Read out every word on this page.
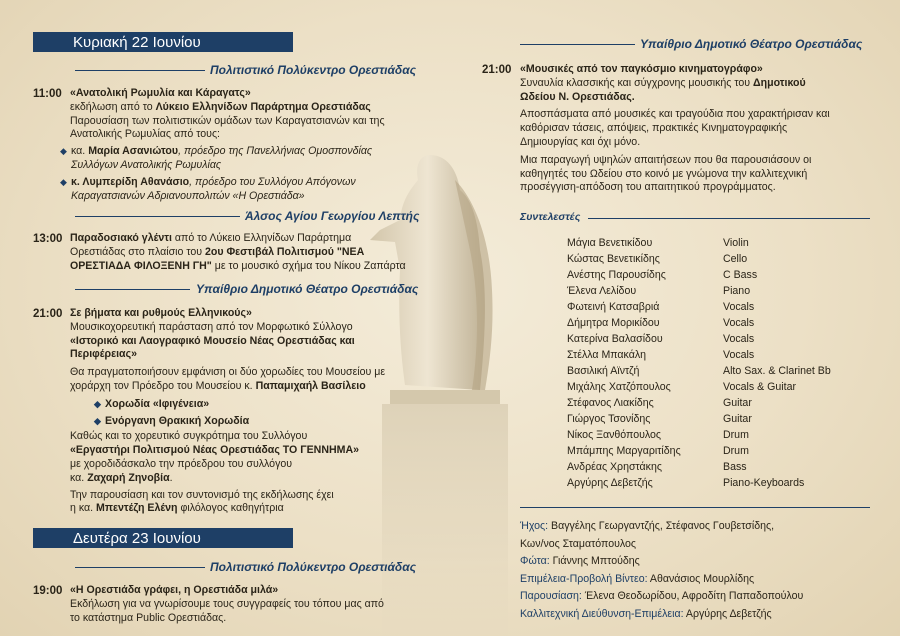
Κυριακή 22 Ιουνίου
Πολιτιστικό Πολύκεντρο Ορεστιάδας
11:00 «Ανατολική Ρωμυλία και Κάραγατς»
εκδήλωση από το Λύκειο Ελληνίδων Παράρτημα Ορεστιάδας
Παρουσίαση των πολιτιστικών ομάδων των Καραγατσιανών και της
Ανατολικής Ρωμυλίας από τους:
◆ κα. Μαρία Ασανιώτου, πρόεδρο της Πανελλήνιας Ομοσπονδίας
Συλλόγων Ανατολικής Ρωμυλίας
◆ κ. Λυμπερίδη Αθανάσιο, πρόεδρο του Συλλόγου Απόγονων
Καραγατσιανών Αδριανουπολιτών «Η Ορεστιάδα»
Άλσος Αγίου Γεωργίου Λεπτής
13:00 Παραδοσιακό γλέντι από το Λύκειο Ελληνίδων Παράρτημα
Ορεστιάδας στο πλαίσιο του 2ου Φεστιβάλ Πολιτισμού "ΝΕΑ
ΟΡΕΣΤΙΑΔΑ ΦΙΛΟΞΕΝΗ ΓΗ" με το μουσικό σχήμα του Νίκου Ζαπάρτα
Υπαίθριο Δημοτικό Θέατρο Ορεστιάδας
21:00 Σε βήματα και ρυθμούς Ελληνικούς»
Μουσικοχορευτική παράσταση από τον Μορφωτικό Σύλλογο
«Ιστορικό και Λαογραφικό Μουσείο Νέας Ορεστιάδας και
Περιφέρειας»
Θα πραγματοποιήσουν εμφάνιση οι δύο χορωδίες του Μουσείου με
χοράρχη τον Πρόεδρο του Μουσείου κ. Παπαμιχαήλ Βασίλειο
◆ Χορωδία «Ιφιγένεια»
◆ Ενόργανη Θρακική Χορωδία
Καθώς και το χορευτικό συγκρότημα του Συλλόγου
«Εργαστήρι Πολιτισμού Νέας Ορεστιάδας ΤΟ ΓΕΝΝΗΜΑ»
με χοροδιδάσκαλο την πρόεδρου του συλλόγου
κα. Ζαχαρή Ζηνοβία.
Την παρουσίαση και τον συντονισμό της εκδήλωσης έχει
η κα. Μπεντέζη Ελένη φιλόλογος καθηγήτρια
Δευτέρα 23 Ιουνίου
Πολιτιστικό Πολύκεντρο Ορεστιάδας
19:00 «Η Ορεστιάδα γράφει, η Ορεστιάδα μιλά»
Εκδήλωση για να γνωρίσουμε τους συγγραφείς του τόπου μας από
το κατάστημα Public Ορεστιάδας.
Υπαίθριο Δημοτικό Θέατρο Ορεστιάδας
21:00 «Μουσικές από τον παγκόσμιο κινηματογράφο»
Συναυλία κλασσικής και σύγχρονης μουσικής του Δημοτικού
Ωδείου Ν. Ορεστιάδας.
Αποσπάσματα από μουσικές και τραγούδια που χαρακτήρισαν και
καθόρισαν τάσεις, απόψεις, πρακτικές Κινηματογραφικής
Δημιουργίας και όχι μόνο.
Μια παραγωγή υψηλών απαιτήσεων που θα παρουσιάσουν οι
καθηγητές του Ωδείου στο κοινό με γνώμονα την καλλιτεχνική
προσέγγιση-απόδοση του απαιτητικού προγράμματος.
Συντελεστές
Μάγια Βενετικίδου	Violin
Κώστας Βενετικίδης	Cello
Ανέστης Παρουσίδης	C Bass
Έλενα Λελίδου	Piano
Φωτεινή Κατσαβριά	Vocals
Δήμητρα Μορικίδου	Vocals
Κατερίνα Βαλασίδου	Vocals
Στέλλα Μπακάλη	Vocals
Βασιλική Αϊντζή	Alto Sax. & Clarinet Bb
Μιχάλης Χατζόπουλος	Vocals & Guitar
Στέφανος Λιακίδης	Guitar
Γιώργος Τσονίδης	Guitar
Νίκος Ξανθόπουλος	Drum
Μπάμπης Μαργαριτίδης	Drum
Ανδρέας Χρηστάκης	Bass
Αργύρης Δεβετζής	Piano-Keyboards
Ήχος: Βαγγέλης Γεωργαντζής, Στέφανος Γουβετσίδης,
Κων/νος Σταματόπουλος
Φώτα: Γιάννης Μπτούδης
Επιμέλεια-Προβολή Βίντεο: Αθανάσιος Μουρλίδης
Παρουσίαση: Έλενα Θεοδωρίδου, Αφροδίτη Παπαδοπούλου
Καλλιτεχνική Διεύθυνση-Επιμέλεια: Αργύρης Δεβετζής
